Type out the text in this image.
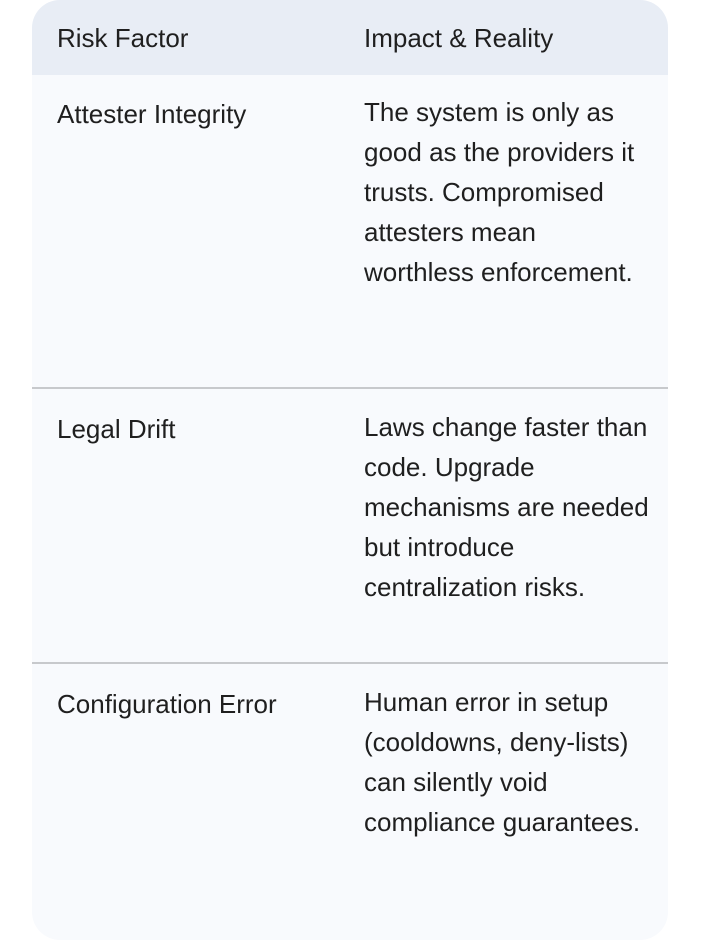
Risk Factor	Impact & Reality
Attester Integrity	The system is only as good as the providers it trusts. Compromised attesters mean worthless enforcement.
Legal Drift	Laws change faster than code. Upgrade mechanisms are needed but introduce centralization risks.
Configuration Error	Human error in setup (cooldowns, deny-lists) can silently void compliance guarantees.
